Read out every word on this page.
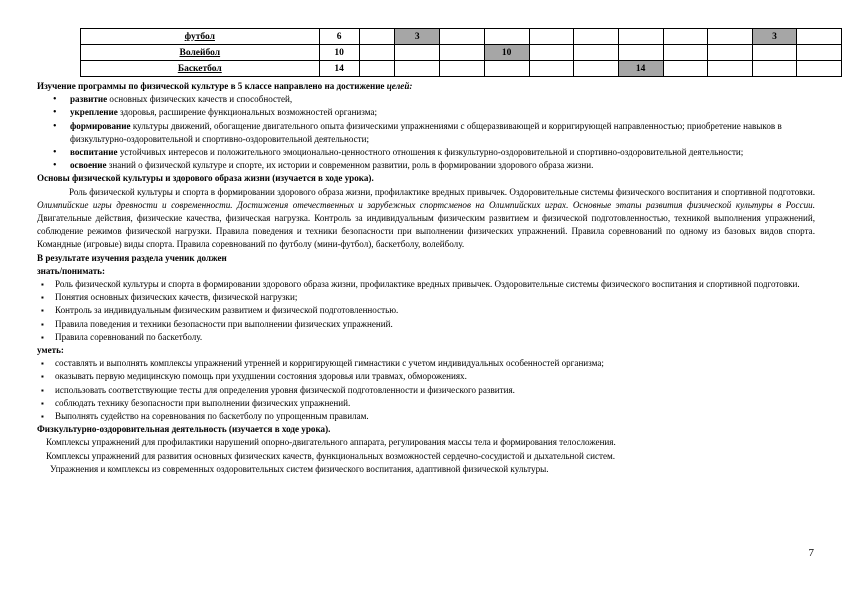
футбол	6		3								3	
Волейбол	10				10							
Баскетбол	14							14				

Изучение программы по физической культуре в 5 классе направлено на достижение целей:

• развитие основных физических качеств и способностей,
• укрепление здоровья, расширение функциональных возможностей организма;
• формирование культуры движений, обогащение двигательного опыта физическими упражнениями с общеразвивающей и корригирующей направленностью; приобретение навыков в физкультурно-оздоровительной и спортивно-оздоровительной деятельности;
• воспитание устойчивых интересов и положительного эмоционально-ценностного отношения к физкультурно-оздоровительной и спортивно-оздоровительной деятельности;
• освоение знаний о физической культуре и спорте, их истории и современном развитии, роль в формировании здорового образа жизни.

Основы физической культуры и здорового образа жизни (изучается в ходе урока).

Роль физической культуры и спорта в формировании здорового образа жизни, профилактике вредных привычек. Оздоровительные системы физического воспитания и спортивной подготовки. Олимпийские игры древности и современности. Достижения отечественных и зарубежных спортсменов на Олимпийских играх. Основные этапы развития физической культуры в России. Двигательные действия, физические качества, физическая нагрузка. Контроль за индивидуальным физическим развитием и физической подготовленностью, техникой выполнения упражнений, соблюдение режимов физической нагрузки. Правила поведения и техники безопасности при выполнении физических упражнений. Правила соревнований по одному из базовых видов спорта. Командные (игровые) виды спорта. Правила соревнований по футболу (мини-футбол), баскетболу, волейболу.

В результате изучения раздела ученик должен

знать/понимать:

▪ Роль физической культуры и спорта в формировании здорового образа жизни, профилактике вредных привычек. Оздоровительные системы физического воспитания и спортивной подготовки.
▪ Понятия основных физических качеств, физической нагрузки;
▪ Контроль за индивидуальным физическим развитием и физической подготовленностью.
▪ Правила поведения и техники безопасности при выполнении физических упражнений.
▪ Правила соревнований по баскетболу.

уметь:

▪ составлять и выполнять комплексы упражнений утренней и корригирующей гимнастики с учетом индивидуальных особенностей организма;
▪ оказывать первую медицинскую помощь при ухудшении состояния здоровья или травмах, обморожениях.
▪ использовать соответствующие тесты для определения уровня физической подготовленности и физического развития.
▪ соблюдать технику безопасности при выполнении физических упражнений.
▪ Выполнять судейство на соревнования по баскетболу по упрощенным правилам.

Физкультурно-оздоровительная деятельность (изучается в ходе урока).

Комплексы упражнений для профилактики нарушений опорно-двигательного аппарата, регулирования массы тела и формирования телосложения.

Комплексы упражнений для развития основных физических качеств, функциональных возможностей сердечно-сосудистой и дыхательной систем.

Упражнения и комплексы из современных оздоровительных систем физического воспитания, адаптивной физической культуры.

7
